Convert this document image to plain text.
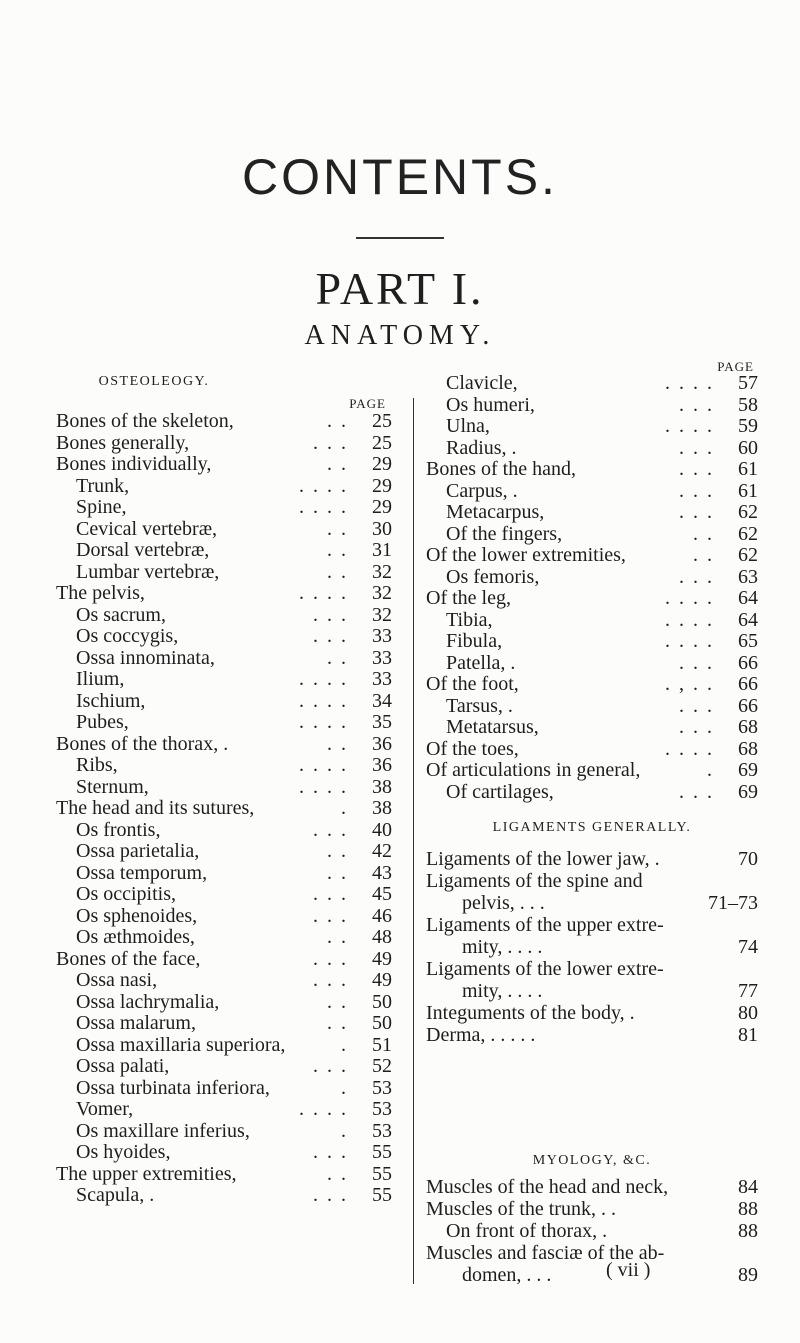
CONTENTS.
PART I.
ANATOMY.
OSTEOLEOGY.
PAGE
Bones of the skeleton,	. . 25
Bones generally,	. . . 25
Bones individually,	. . 29
Trunk,	. . . . 29
Spine,	. . . . 29
Cevical vertebræ,	. . 30
Dorsal vertebræ,	. . 31
Lumbar vertebræ,	. . 32
The pelvis,	. . . . 32
Os sacrum,	. . . 32
Os coccygis,	. . . 33
Ossa innominata,	. . 33
Ilium,	. . . . 33
Ischium,	. . . . 34
Pubes,	. . . . 35
Bones of the thorax, .	. . 36
Ribs,	. . . . 36
Sternum,	. . . . 38
The head and its sutures,	. 38
Os frontis,	. . . 40
Ossa parietalia,	. . 42
Ossa temporum,	. . 43
Os occipitis,	. . . 45
Os sphenoides,	. . . 46
Os æthmoides,	. . 48
Bones of the face,	. . . 49
Ossa nasi,	. . . 49
Ossa lachrymalia,	. . 50
Ossa malarum,	. . 50
Ossa maxillaria superiora,	. 51
Ossa palati,	. . . 52
Ossa turbinata inferiora,	. 53
Vomer,	. . . . 53
Os maxillare inferius,	. 53
Os hyoides,	. . . 55
The upper extremities,	. . 55
Scapula, .	. . . 55
PAGE
Clavicle,	. . . . 57
Os humeri,	. . . 58
Ulna,	. . . . 59
Radius, .	. . . 60
Bones of the hand,	. . . 61
Carpus, .	. . . 61
Metacarpus,	. . . 62
Of the fingers,	. . 62
Of the lower extremities,	. . 62
Os femoris,	. . . 63
Of the leg,	. . . . 64
Tibia,	. . . . 64
Fibula,	. . . . 65
Patella, .	. . . 66
Of the foot,	. , . . 66
Tarsus, .	. . . 66
Metatarsus,	. . . 68
Of the toes,	. . . . 68
Of articulations in general,	. 69
Of cartilages,	. . . 69
LIGAMENTS GENERALLY.
Ligaments of the lower jaw, .	70
Ligaments of the spine and
pelvis, . . .	71–73
Ligaments of the upper extre-
mity, . . . .	74
Ligaments of the lower extre-
mity, . . . .	77
Integuments of the body, .	80
Derma, . . . . .	81
MYOLOGY, &C.
Muscles of the head and neck,	84
Muscles of the trunk, . .	88
On front of thorax, .	88
Muscles and fasciæ of the ab-
domen, . . .	89
( vii )
